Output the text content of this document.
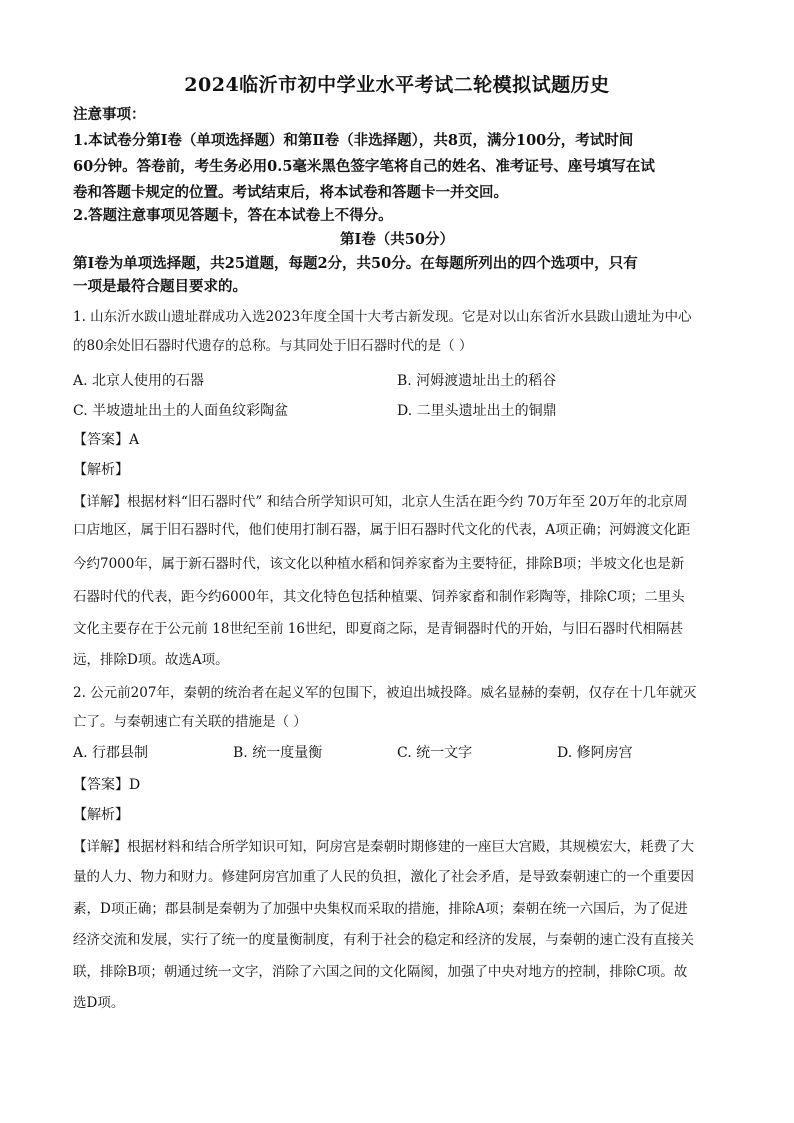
2024临沂市初中学业水平考试二轮模拟试题历史
注意事项：
1.本试卷分第Ⅰ卷（单项选择题）和第Ⅱ卷（非选择题），共8页，满分100分，考试时间
60分钟。答卷前，考生务必用0.5毫米黑色签字笔将自己的姓名、准考证号、座号填写在试
卷和答题卡规定的位置。考试结束后，将本试卷和答题卡一并交回。
2.答题注意事项见答题卡，答在本试卷上不得分。
第Ⅰ卷（共50分）
第Ⅰ卷为单项选择题，共25道题，每题2分，共50分。在每题所列出的四个选项中，只有
一项是最符合题目要求的。
1. 山东沂水跋山遗址群成功入选2023年度全国十大考古新发现。它是对以山东省沂水县跋山遗址为中心
的80余处旧石器时代遗存的总称。与其同处于旧石器时代的是（ ）
A. 北京人使用的石器	B. 河姆渡遗址出土的稻谷
C. 半坡遗址出土的人面鱼纹彩陶盆	D. 二里头遗址出土的铜鼎
【答案】A
【解析】
【详解】根据材料“旧石器时代” 和结合所学知识可知，北京人生活在距今约 70万年至 20万年的北京周
口店地区，属于旧石器时代，他们使用打制石器，属于旧石器时代文化的代表，A项正确；河姆渡文化距
今约7000年，属于新石器时代，该文化以种植水稻和饲养家畜为主要特征，排除B项；半坡文化也是新
石器时代的代表，距今约6000年，其文化特色包括种植粟、饲养家畜和制作彩陶等，排除C项；二里头
文化主要存在于公元前 18世纪至前 16世纪，即夏商之际，是青铜器时代的开始，与旧石器时代相隔甚
远，排除D项。故选A项。
2. 公元前207年，秦朝的统治者在起义军的包围下，被迫出城投降。威名显赫的秦朝，仅存在十几年就灭
亡了。与秦朝速亡有关联的措施是（ ）
A. 行郡县制	B. 统一度量衡	C. 统一文字	D. 修阿房宫
【答案】D
【解析】
【详解】根据材料和结合所学知识可知，阿房宫是秦朝时期修建的一座巨大宫殿，其规模宏大，耗费了大
量的人力、物力和财力。修建阿房宫加重了人民的负担，激化了社会矛盾，是导致秦朝速亡的一个重要因
素，D项正确；郡县制是秦朝为了加强中央集权而采取的措施，排除A项；秦朝在统一六国后，为了促进
经济交流和发展，实行了统一的度量衡制度，有利于社会的稳定和经济的发展，与秦朝的速亡没有直接关
联，排除B项；朝通过统一文字，消除了六国之间的文化隔阂，加强了中央对地方的控制，排除C项。故
选D项。
